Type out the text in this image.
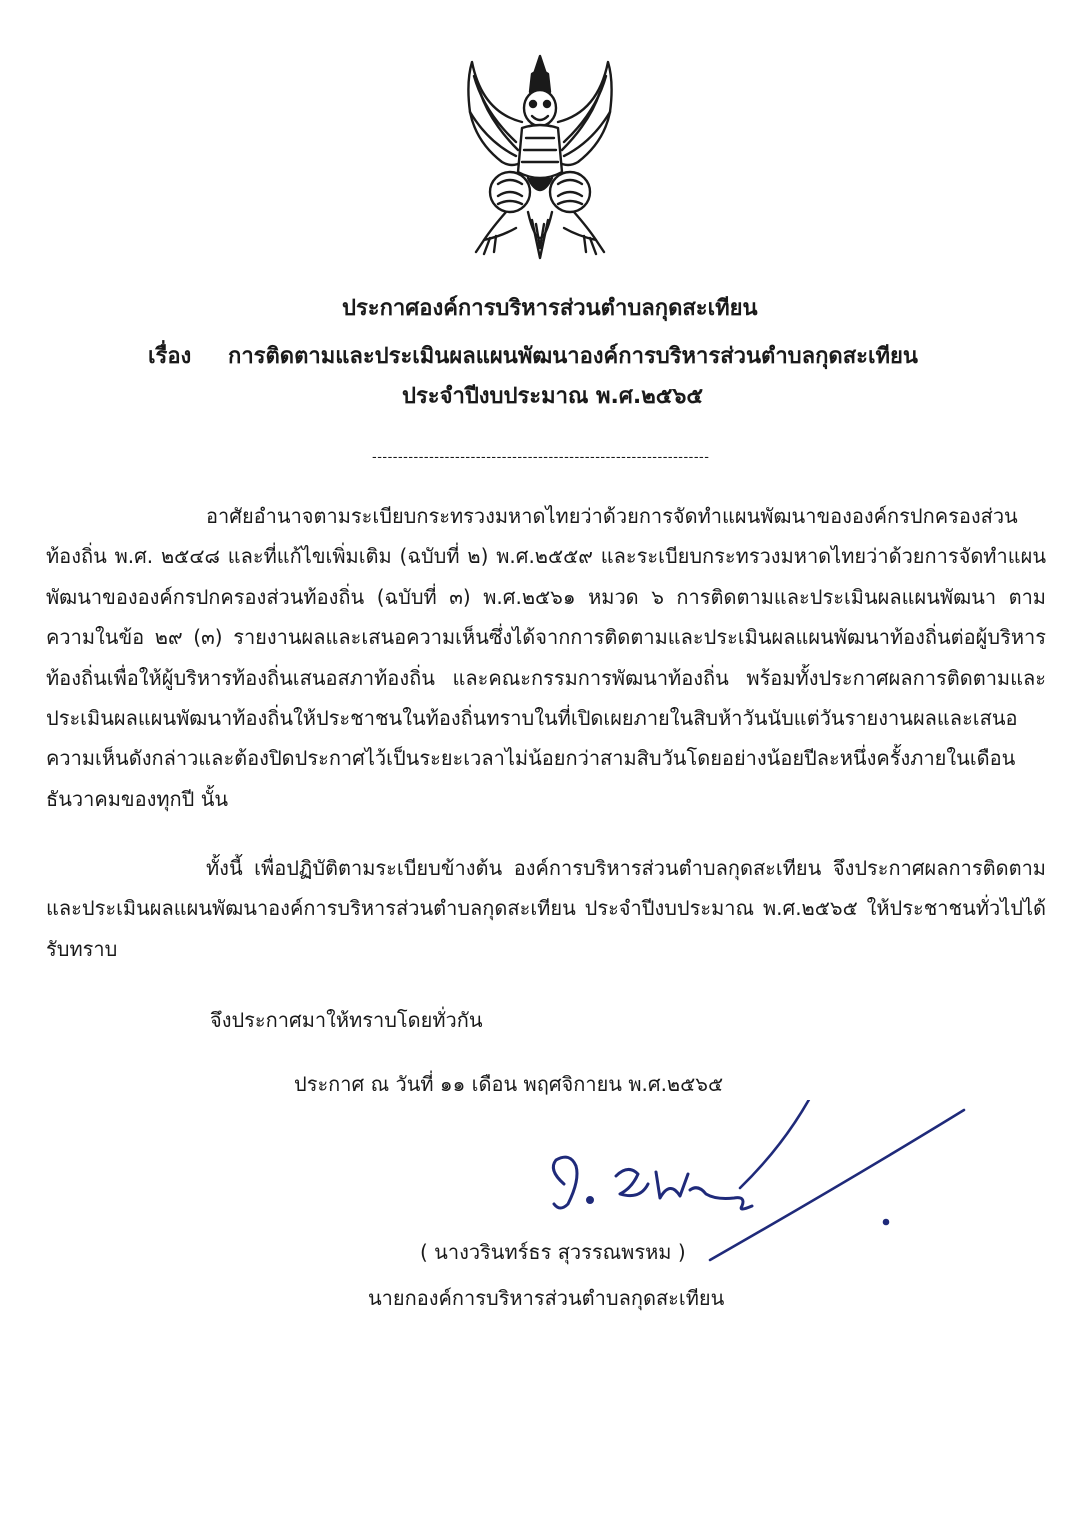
ประกาศองค์การบริหารส่วนตำบลกุดสะเทียน
เรื่อง การติดตามและประเมินผลแผนพัฒนาองค์การบริหารส่วนตำบลกุดสะเทียน
ประจำปีงบประมาณ พ.ศ.๒๕๖๕
-----------------------------------------------------------------
อาศัยอำนาจตามระเบียบกระทรวงมหาดไทยว่าด้วยการจัดทำแผนพัฒนาขององค์กรปกครองส่วนท้องถิ่น พ.ศ. ๒๕๔๘ และที่แก้ไขเพิ่มเติม (ฉบับที่ ๒) พ.ศ.๒๕๕๙ และระเบียบกระทรวงมหาดไทยว่าด้วยการจัดทำแผนพัฒนาขององค์กรปกครองส่วนท้องถิ่น (ฉบับที่ ๓) พ.ศ.๒๕๖๑ หมวด ๖ การติดตามและประเมินผลแผนพัฒนา ตามความในข้อ ๒๙ (๓) รายงานผลและเสนอความเห็นซึ่งได้จากการติดตามและประเมินผลแผนพัฒนาท้องถิ่นต่อผู้บริหารท้องถิ่นเพื่อให้ผู้บริหารท้องถิ่นเสนอสภาท้องถิ่น และคณะกรรมการพัฒนาท้องถิ่น พร้อมทั้งประกาศผลการติดตามและประเมินผลแผนพัฒนาท้องถิ่นให้ประชาชนในท้องถิ่นทราบในที่เปิดเผยภายในสิบห้าวันนับแต่วันรายงานผลและเสนอความเห็นดังกล่าวและต้องปิดประกาศไว้เป็นระยะเวลาไม่น้อยกว่าสามสิบวันโดยอย่างน้อยปีละหนึ่งครั้งภายในเดือนธันวาคมของทุกปี นั้น
ทั้งนี้ เพื่อปฏิบัติตามระเบียบข้างต้น องค์การบริหารส่วนตำบลกุดสะเทียน จึงประกาศผลการติดตามและประเมินผลแผนพัฒนาองค์การบริหารส่วนตำบลกุดสะเทียน ประจำปีงบประมาณ พ.ศ.๒๕๖๕ ให้ประชาชนทั่วไปได้รับทราบ
จึงประกาศมาให้ทราบโดยทั่วกัน
ประกาศ ณ วันที่ ๑๑ เดือน พฤศจิกายน พ.ศ.๒๕๖๕
( นางวรินทร์ธร สุวรรณพรหม )
นายกองค์การบริหารส่วนตำบลกุดสะเทียน
